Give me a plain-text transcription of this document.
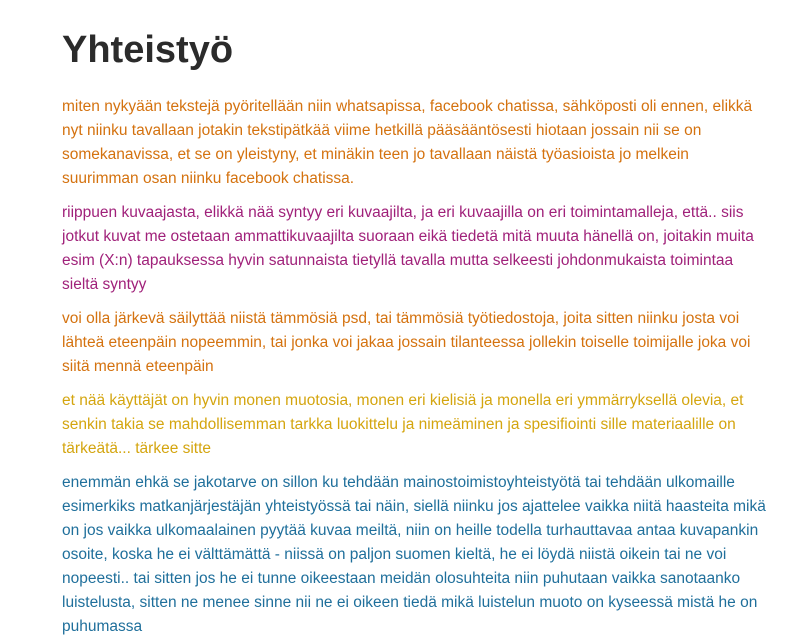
Yhteistyö

miten nykyään tekstejä pyöritellään niin whatsapissa, facebook chatissa, sähköposti oli ennen, elikkä nyt niinku tavallaan jotakin tekstipätkää viime hetkillä pääsääntösesti hiotaan jossain nii se on somekanavissa, et se on yleistyny, et minäkin teen jo tavallaan näistä työasioista jo melkein suurimman osan niinku facebook chatissa.

riippuen kuvaajasta, elikkä nää syntyy eri kuvaajilta, ja eri kuvaajilla on eri toimintamalleja, että.. siis jotkut kuvat me ostetaan ammattikuvaajilta suoraan eikä tiedetä mitä muuta hänellä on, joitakin muita esim (X:n) tapauksessa hyvin satunnaista tietyllä tavalla mutta selkeesti johdonmukaista toimintaa sieltä syntyy

voi olla järkevä säilyttää niistä tämmösiä psd, tai tämmösiä työtiedostoja, joita sitten niinku josta voi lähteä eteenpäin nopeemmin, tai jonka voi jakaa jossain tilanteessa jollekin toiselle toimijalle joka voi siitä mennä eteenpäin

et nää käyttäjät on hyvin monen muotosia, monen eri kielisiä ja monella eri ymmärryksellä olevia, et senkin takia se mahdollisemman tarkka luokittelu ja nimeäminen ja spesifiointi sille materiaalille on tärkeätä... tärkee sitte

enemmän ehkä se jakotarve on sillon ku tehdään mainostoimistoyhteistyötä tai tehdään ulkomaille esimerkiks matkanjärjestäjän yhteistyössä tai näin, siellä niinku jos ajattelee vaikka niitä haasteita mikä on jos vaikka ulkomaalainen pyytää kuvaa meiltä, niin on heille todella turhauttavaa antaa kuvapankin osoite, koska he ei välttämättä - niissä on paljon suomen kieltä, he ei löydä niistä oikein tai ne voi nopeesti.. tai sitten jos he ei tunne oikeestaan meidän olosuhteita niin puhutaan vaikka sanotaanko luistelusta, sitten ne menee sinne nii ne ei oikeen tiedä mikä luistelun muoto on kyseessä mistä he on puhumassa
